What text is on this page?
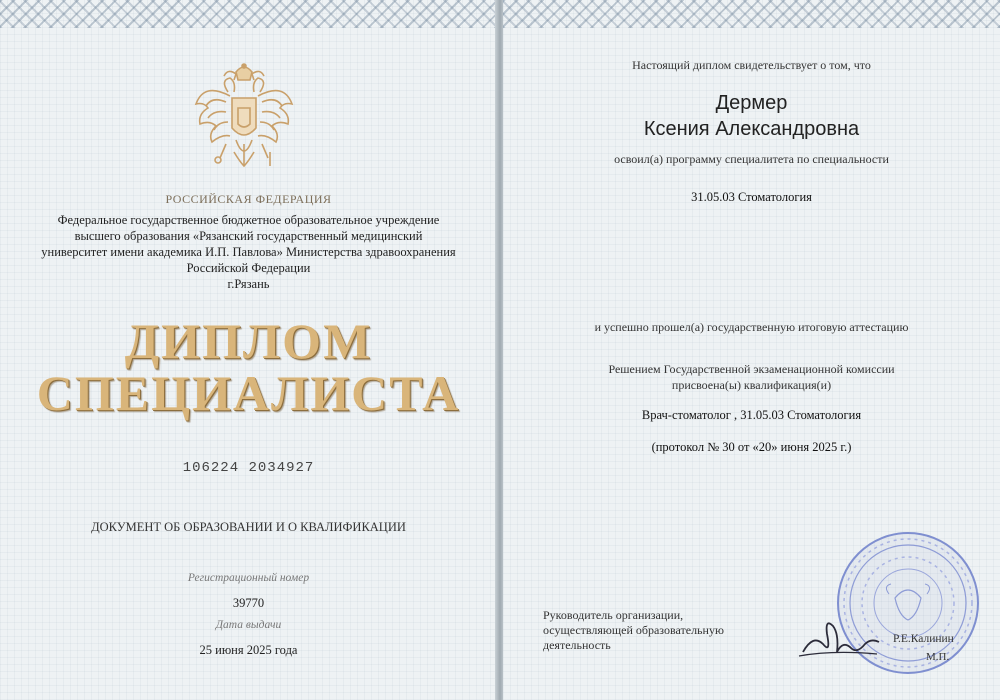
РОССИЙСКАЯ ФЕДЕРАЦИЯ
Федеральное государственное бюджетное образовательное учреждение
высшего образования «Рязанский государственный медицинский
университет имени академика И.П. Павлова» Министерства здравоохранения
Российской Федерации
г.Рязань
ДИПЛОМ
СПЕЦИАЛИСТА
106224 2034927
ДОКУМЕНТ ОБ ОБРАЗОВАНИИ И О КВАЛИФИКАЦИИ
Регистрационный номер
39770
Дата выдачи
25 июня 2025 года
Настоящий диплом свидетельствует о том, что
Дермер
Ксения Александровна
освоил(а) программу специалитета по специальности
31.05.03 Стоматология
и успешно прошел(а) государственную итоговую аттестацию
Решением Государственной экзаменационной комиссии
присвоена(ы) квалификация(и)
Врач-стоматолог , 31.05.03 Стоматология
(протокол № 30 от «20» июня 2025 г.)
Руководитель организации,
осуществляющей образовательную
деятельность	Р.Е.Калинин
М.П.
